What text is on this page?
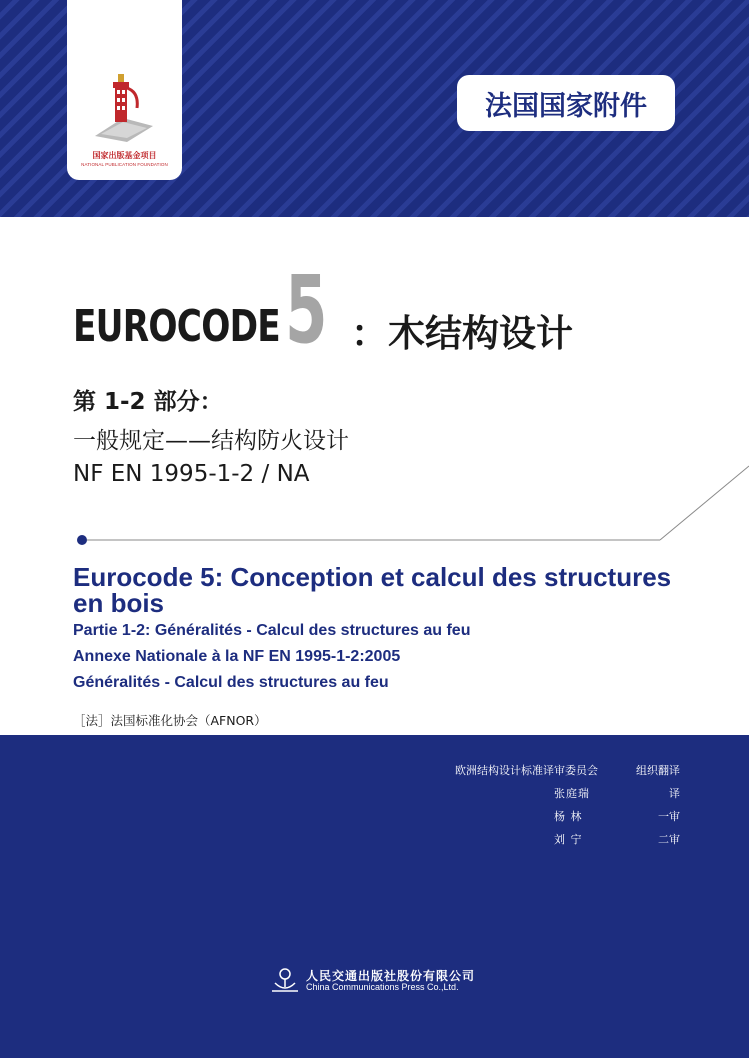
国家出版基金项目
NATIONAL PUBLICATION FOUNDATION
法国国家附件
EUROCODE 5 ：木结构设计
第 1-2 部分：
一般规定——结构防火设计
NF EN 1995-1-2 / NA
Eurocode 5: Conception et calcul des structures en bois
Partie 1-2: Généralités - Calcul des structures au feu
Annexe Nationale à la NF EN 1995-1-2:2005
Généralités - Calcul des structures au feu
［法］法国标准化协会（AFNOR）
欧洲结构设计标准译审委员会	组织翻译
张庭瑞	译
杨 林	一审
刘 宁	二审
人民交通出版社股份有限公司
China Communications Press Co.,Ltd.
